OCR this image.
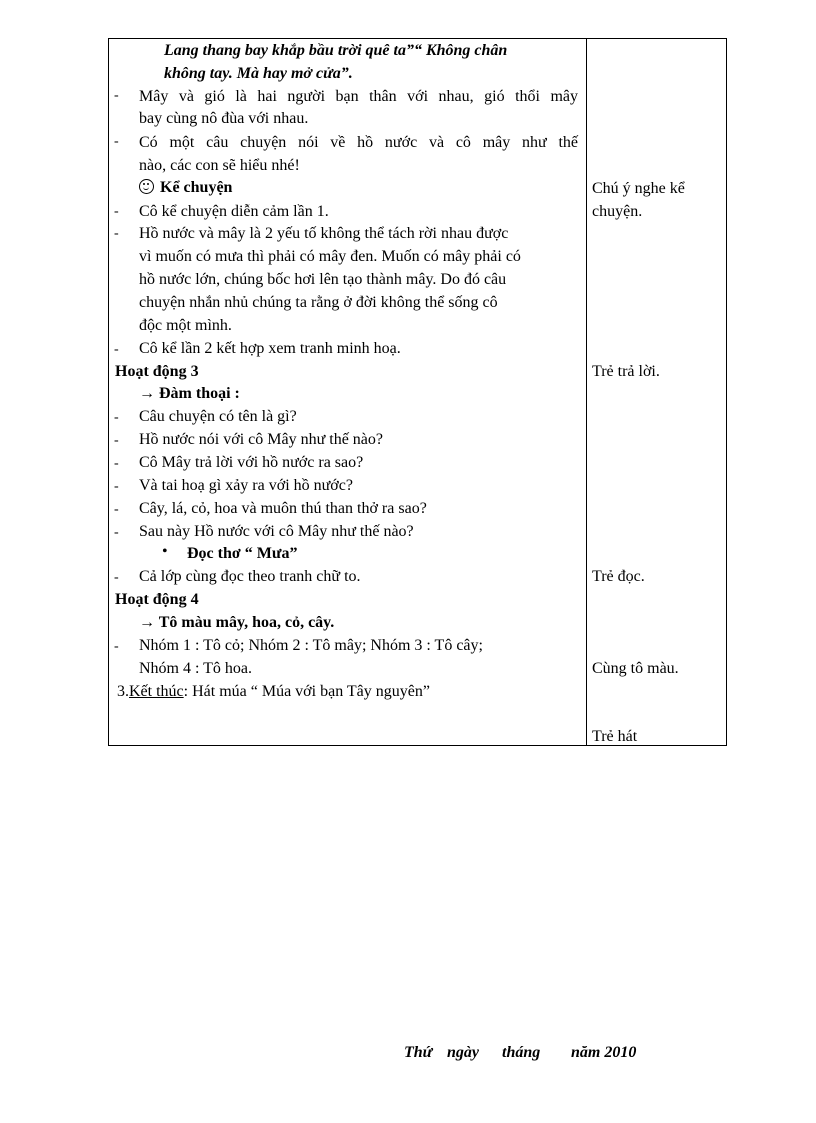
Lang thang bay khắp bầu trời quê ta”“ Không chân
không tay. Mà hay mở cửa”.
- Mây và gió là hai người bạn thân với nhau, gió thổi mây
bay cùng nô đùa với nhau.
- Có một câu chuyện nói về hồ nước và cô mây như thế
nào, các con sẽ hiểu nhé!
Kể chuyện
- Cô kể chuyện diễn cảm lần 1.
- Hồ nước và mây là 2 yếu tố không thể tách rời nhau được
vì muốn có mưa thì phải có mây đen. Muốn có mây phải có
hồ nước lớn, chúng bốc hơi lên tạo thành mây. Do đó câu
chuyện nhắn nhủ chúng ta rằng ở đời không thể sống cô
độc một mình.
- Cô kể lần 2 kết hợp xem tranh minh hoạ.
Hoạt động 3
→ Đàm thoại :
- Câu chuyện có tên là gì?
- Hồ nước nói với cô Mây như thế nào?
- Cô Mây trả lời với hồ nước ra sao?
- Và tai hoạ gì xảy ra với hồ nước?
- Cây, lá, cỏ, hoa và muôn thú than thở ra sao?
- Sau này Hồ nước với cô Mây như thế nào?
• Đọc thơ “ Mưa”
- Cả lớp cùng đọc theo tranh chữ to.
Hoạt động 4
→ Tô màu mây, hoa, cỏ, cây.
- Nhóm 1 : Tô cỏ; Nhóm 2 : Tô mây; Nhóm 3 : Tô cây;
Nhóm 4 : Tô hoa.
3.Kết thúc: Hát múa “ Múa với bạn Tây nguyên”
Chú ý nghe kể
chuyện.
Trẻ trả lời.
Trẻ đọc.
Cùng tô màu.
Trẻ hát
Thứ ngày tháng năm 2010
